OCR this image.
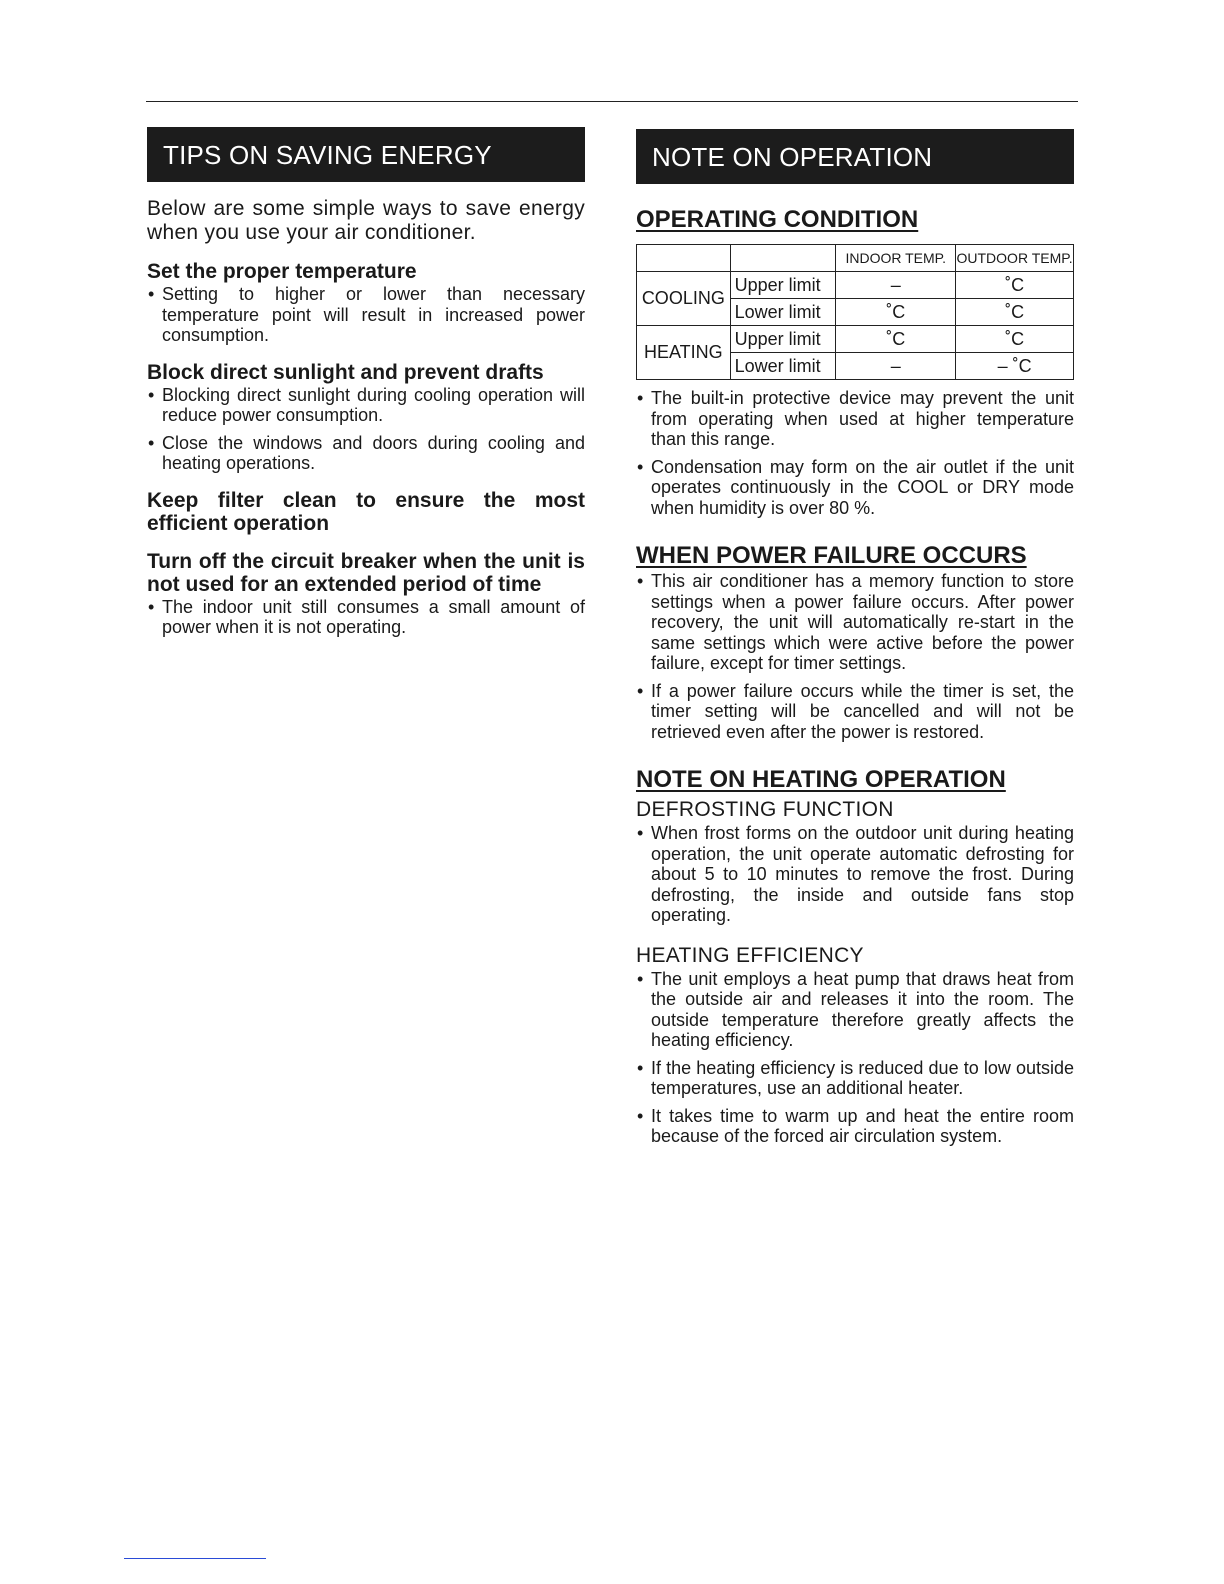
TIPS ON SAVING ENERGY

Below are some simple ways to save energy when you use your air conditioner.

Set the proper temperature
• Setting to higher or lower than necessary temperature point will result in increased power consumption.
Block direct sunlight and prevent drafts
• Blocking direct sunlight during cooling operation will reduce power consumption.
• Close the windows and doors during cooling and heating operations.
Keep filter clean to ensure the most efficient operation
Turn off the circuit breaker when the unit is not used for an extended period of time
• The indoor unit still consumes a small amount of power when it is not operating.
NOTE ON OPERATION
OPERATING CONDITION
		INDOOR TEMP.	OUTDOOR TEMP.
COOLING	Upper limit	–	˚C
	Lower limit	˚C	˚C
HEATING	Upper limit	˚C	˚C
	Lower limit	–	– ˚C
• The built-in protective device may prevent the unit from operating when used at higher temperature than this range.
• Condensation may form on the air outlet if the unit operates continuously in the COOL or DRY mode when humidity is over 80 %.
WHEN POWER FAILURE OCCURS
• This air conditioner has a memory function to store settings when a power failure occurs. After power recovery, the unit will automatically re-start in the same settings which were active before the power failure, except for timer settings.
• If a power failure occurs while the timer is set, the timer setting will be cancelled and will not be retrieved even after the power is restored.
NOTE ON HEATING OPERATION
DEFROSTING FUNCTION
• When frost forms on the outdoor unit during heating operation, the unit operate automatic defrosting for about 5 to 10 minutes to remove the frost. During defrosting, the inside and outside fans stop operating.
HEATING EFFICIENCY
• The unit employs a heat pump that draws heat from the outside air and releases it into the room. The outside temperature therefore greatly affects the heating efficiency.
• If the heating efficiency is reduced due to low outside temperatures, use an additional heater.
• It takes time to warm up and heat the entire room because of the forced air circulation system.
